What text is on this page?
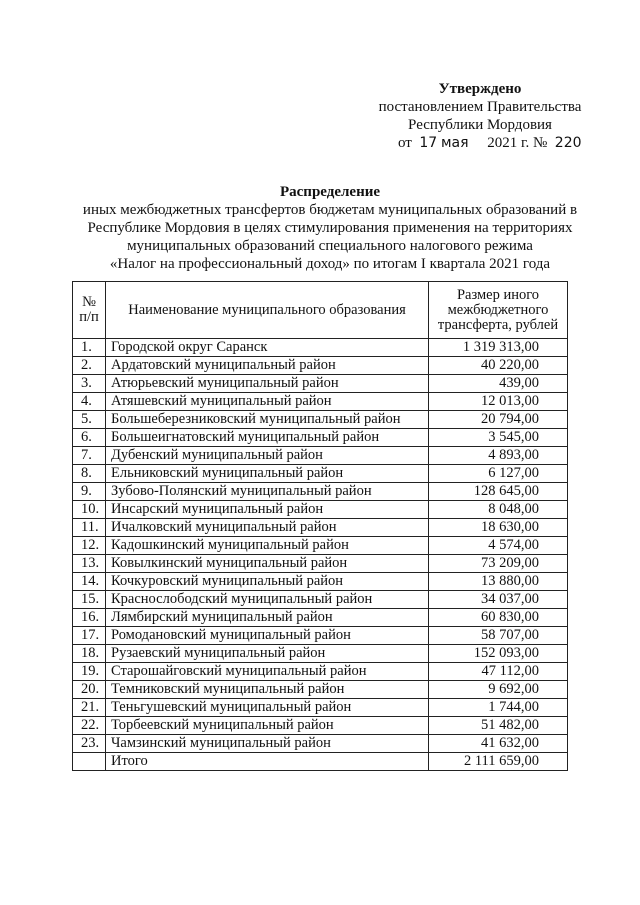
Утверждено
постановлением Правительства
Республики Мордовия
от 17 мая 2021 г. № 220
Распределение
иных межбюджетных трансфертов бюджетам муниципальных образований в
Республике Мордовия в целях стимулирования применения на территориях
муниципальных образований специального налогового режима
«Налог на профессиональный доход» по итогам I квартала 2021 года
№ п/п	Наименование муниципального образования	Размер иного межбюджетного трансферта, рублей
1.	Городской округ Саранск	1 319 313,00
2.	Ардатовский муниципальный район	40 220,00
3.	Атюрьевский муниципальный район	439,00
4.	Атяшевский муниципальный район	12 013,00
5.	Большеберезниковский муниципальный район	20 794,00
6.	Большеигнатовский муниципальный район	3 545,00
7.	Дубенский муниципальный район	4 893,00
8.	Ельниковский муниципальный район	6 127,00
9.	Зубово-Полянский муниципальный район	128 645,00
10.	Инсарский муниципальный район	8 048,00
11.	Ичалковский муниципальный район	18 630,00
12.	Кадошкинский муниципальный район	4 574,00
13.	Ковылкинский муниципальный район	73 209,00
14.	Кочкуровский муниципальный район	13 880,00
15.	Краснослободский муниципальный район	34 037,00
16.	Лямбирский муниципальный район	60 830,00
17.	Ромодановский муниципальный район	58 707,00
18.	Рузаевский муниципальный район	152 093,00
19.	Старошайговский муниципальный район	47 112,00
20.	Темниковский муниципальный район	9 692,00
21.	Теньгушевский муниципальный район	1 744,00
22.	Торбеевский муниципальный район	51 482,00
23.	Чамзинский муниципальный район	41 632,00
	Итого	2 111 659,00
